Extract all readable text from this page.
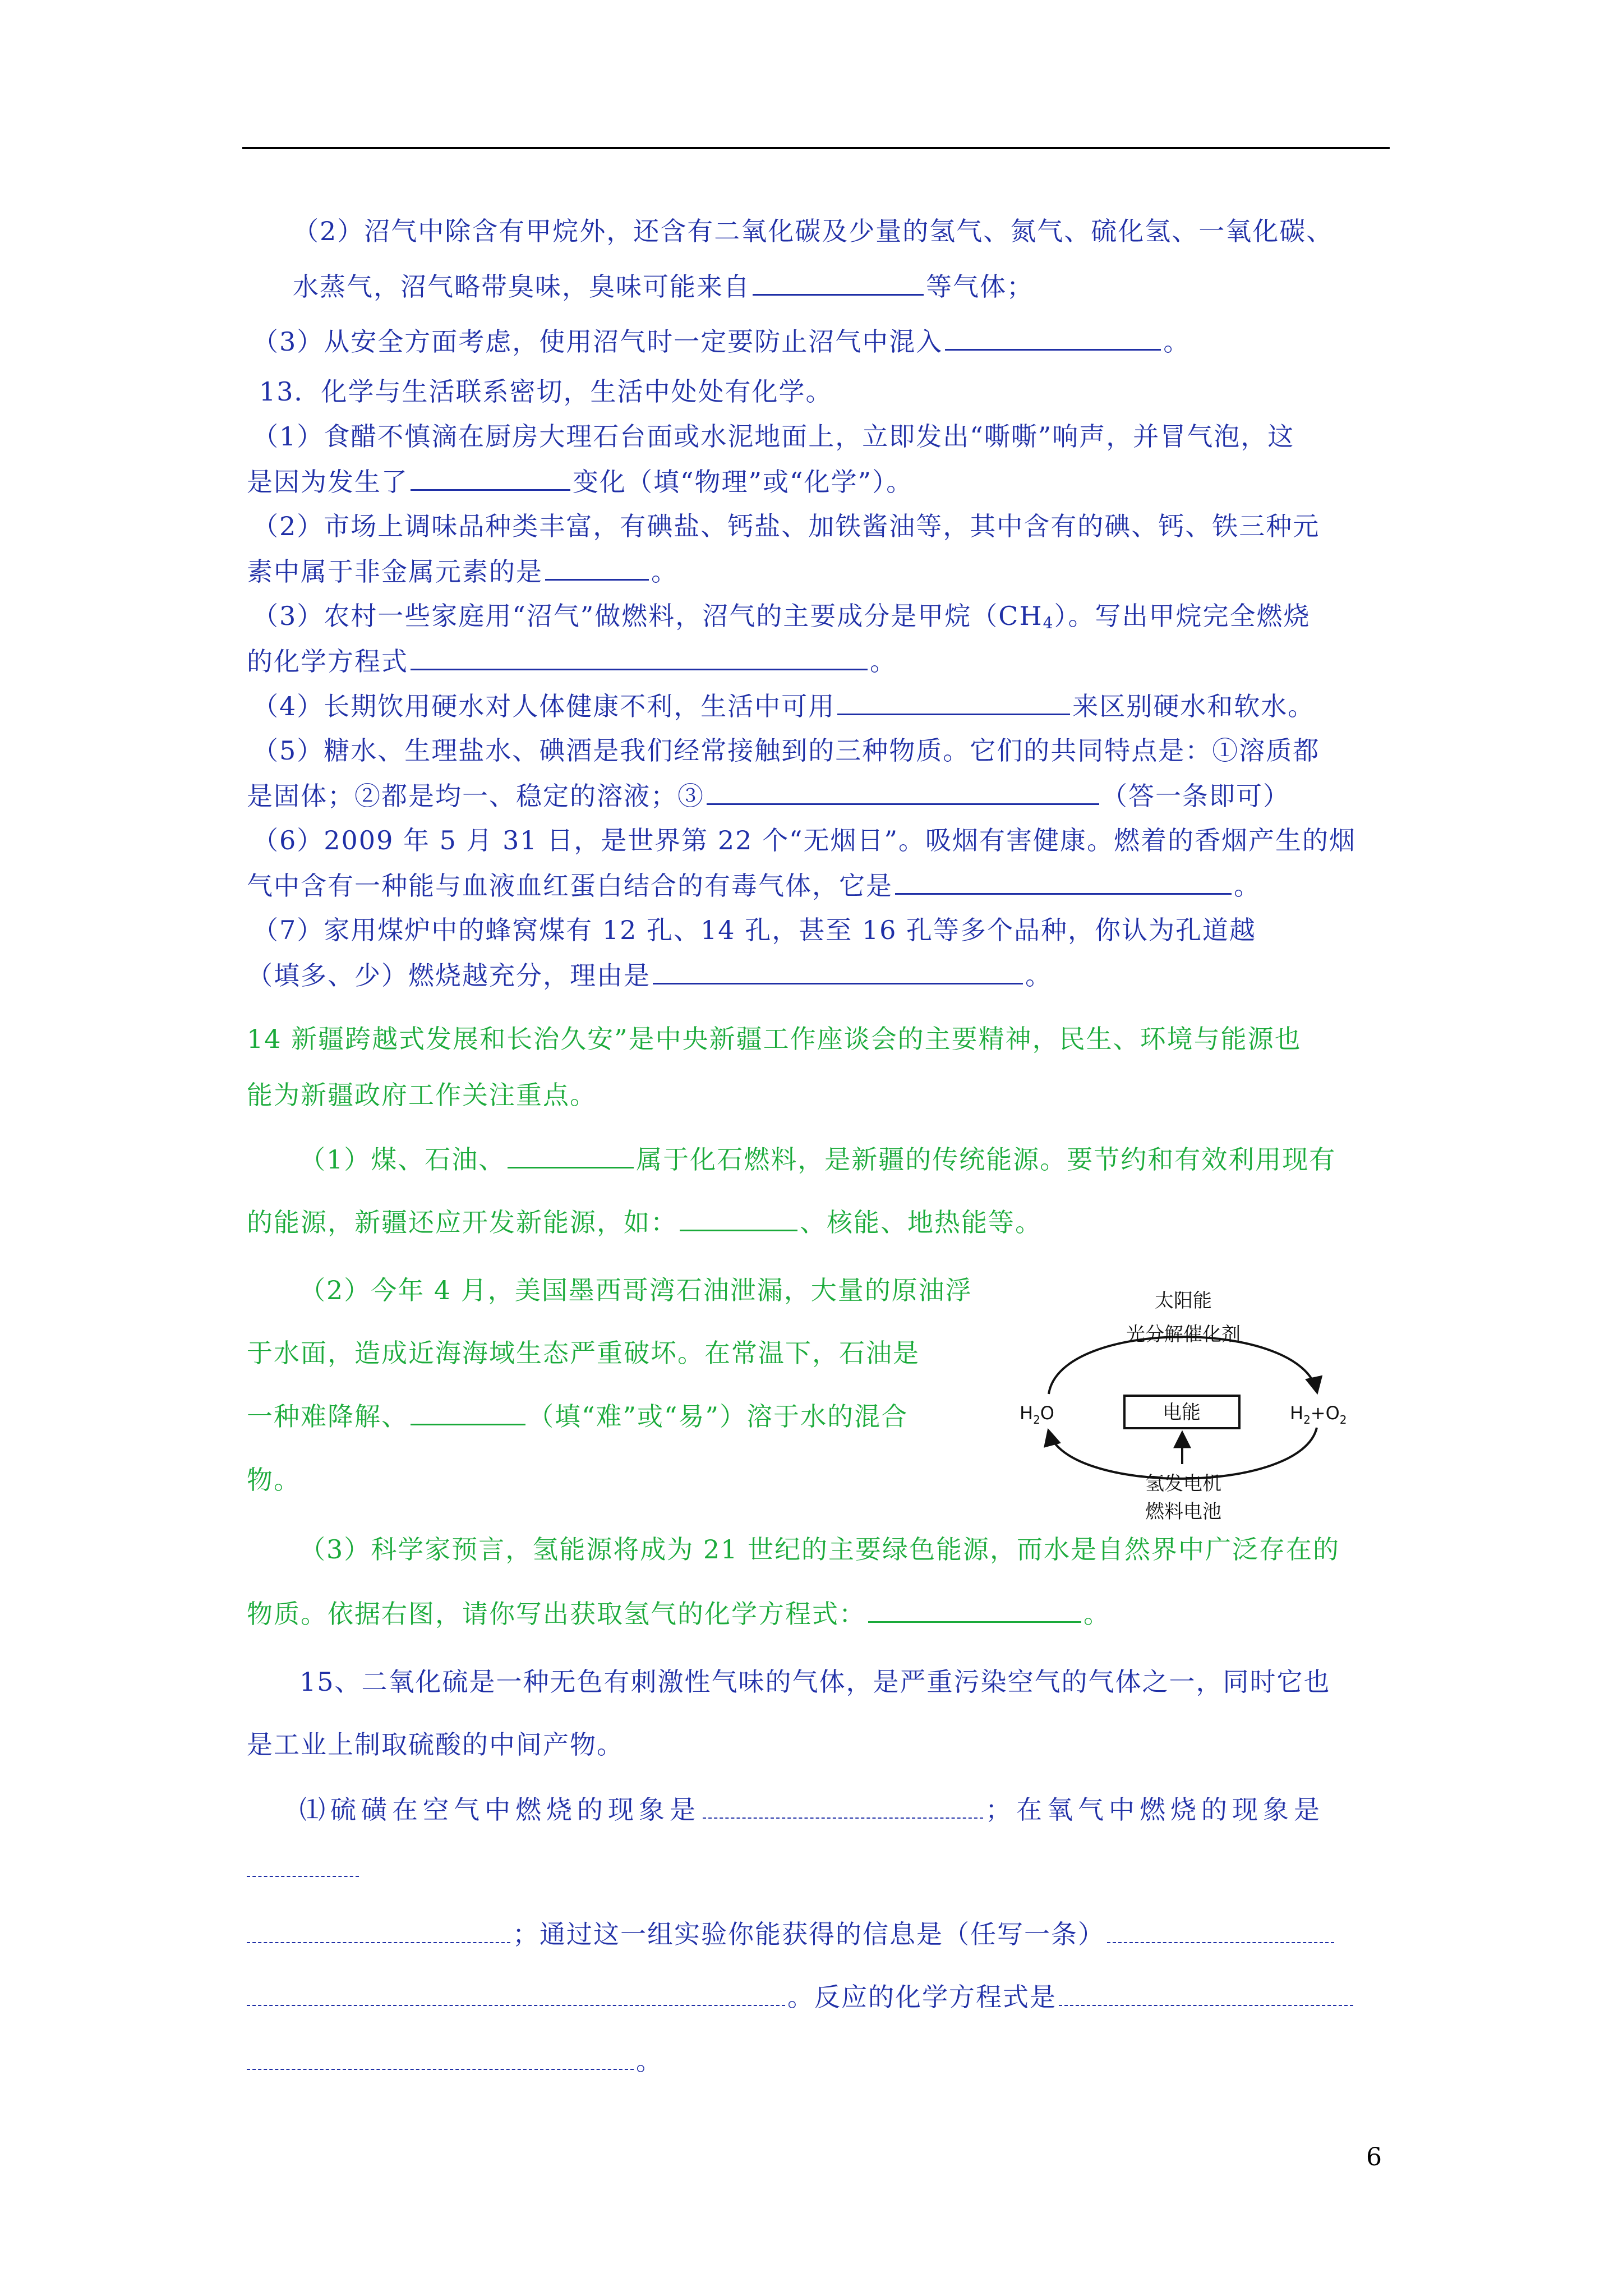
（2）沼气中除含有甲烷外，还含有二氧化碳及少量的氢气、氮气、硫化氢、一氧化碳、
水蒸气，沼气略带臭味，臭味可能来自	等气体；
（3）从安全方面考虑，使用沼气时一定要防止沼气中混入	。
13．化学与生活联系密切，生活中处处有化学。
（1）食醋不慎滴在厨房大理石台面或水泥地面上，立即发出“嘶嘶”响声，并冒气泡，这
是因为发生了	变化（填“物理”或“化学”）。
（2）市场上调味品种类丰富，有碘盐、钙盐、加铁酱油等，其中含有的碘、钙、铁三种元
素中属于非金属元素的是	。
（3）农村一些家庭用“沼气”做燃料，沼气的主要成分是甲烷$(CH_4)$。写出甲烷完全燃烧
的化学方程式	。
（4）长期饮用硬水对人体健康不利，生活中可用	来区别硬水和软水。
（5）糖水、生理盐水、碘酒是我们经常接触到的三种物质。它们的共同特点是：①溶质都
是固体；②都是均一、稳定的溶液；③	（答一条即可）
（6）2009 年 5 月 31 日，是世界第 22 个“无烟日”。吸烟有害健康。燃着的香烟产生的烟
气中含有一种能与血液血红蛋白结合的有毒气体，它是	。
（7）家用煤炉中的蜂窝煤有 12 孔、14 孔，甚至 16 孔等多个品种，你认为孔道越
（填多、少）燃烧越充分，理由是	。
14 新疆跨越式发展和长治久安”是中央新疆工作座谈会的主要精神，民生、环境与能源也
能为新疆政府工作关注重点。
（1）煤、石油、	属于化石燃料，是新疆的传统能源。要节约和有效利用现有
的能源，新疆还应开发新能源，如：	、核能、地热能等。
（2）今年 4 月，美国墨西哥湾石油泄漏，大量的原油浮
于水面，造成近海海域生态严重破坏。在常温下，石油是
一种难降解、	（填“难”或“易”）溶于水的混合
物。
太阳能
光分解催化剂
电能
$H_2O$	$H_2+O_2$
氢发电机
燃料电池
（3）科学家预言，氢能源将成为 21 世纪的主要绿色能源，而水是自然界中广泛存在的
物质。依据右图，请你写出获取氢气的化学方程式：	。
15、二氧化硫是一种无色有刺激性气味的气体，是严重污染空气的气体之一，同时它也
是工业上制取硫酸的中间产物。
⑴硫磺在空气中燃烧的现象是	；在氧气中燃烧的现象是
；通过这一组实验你能获得的信息是（任写一条）
。反应的化学方程式是
。
6
